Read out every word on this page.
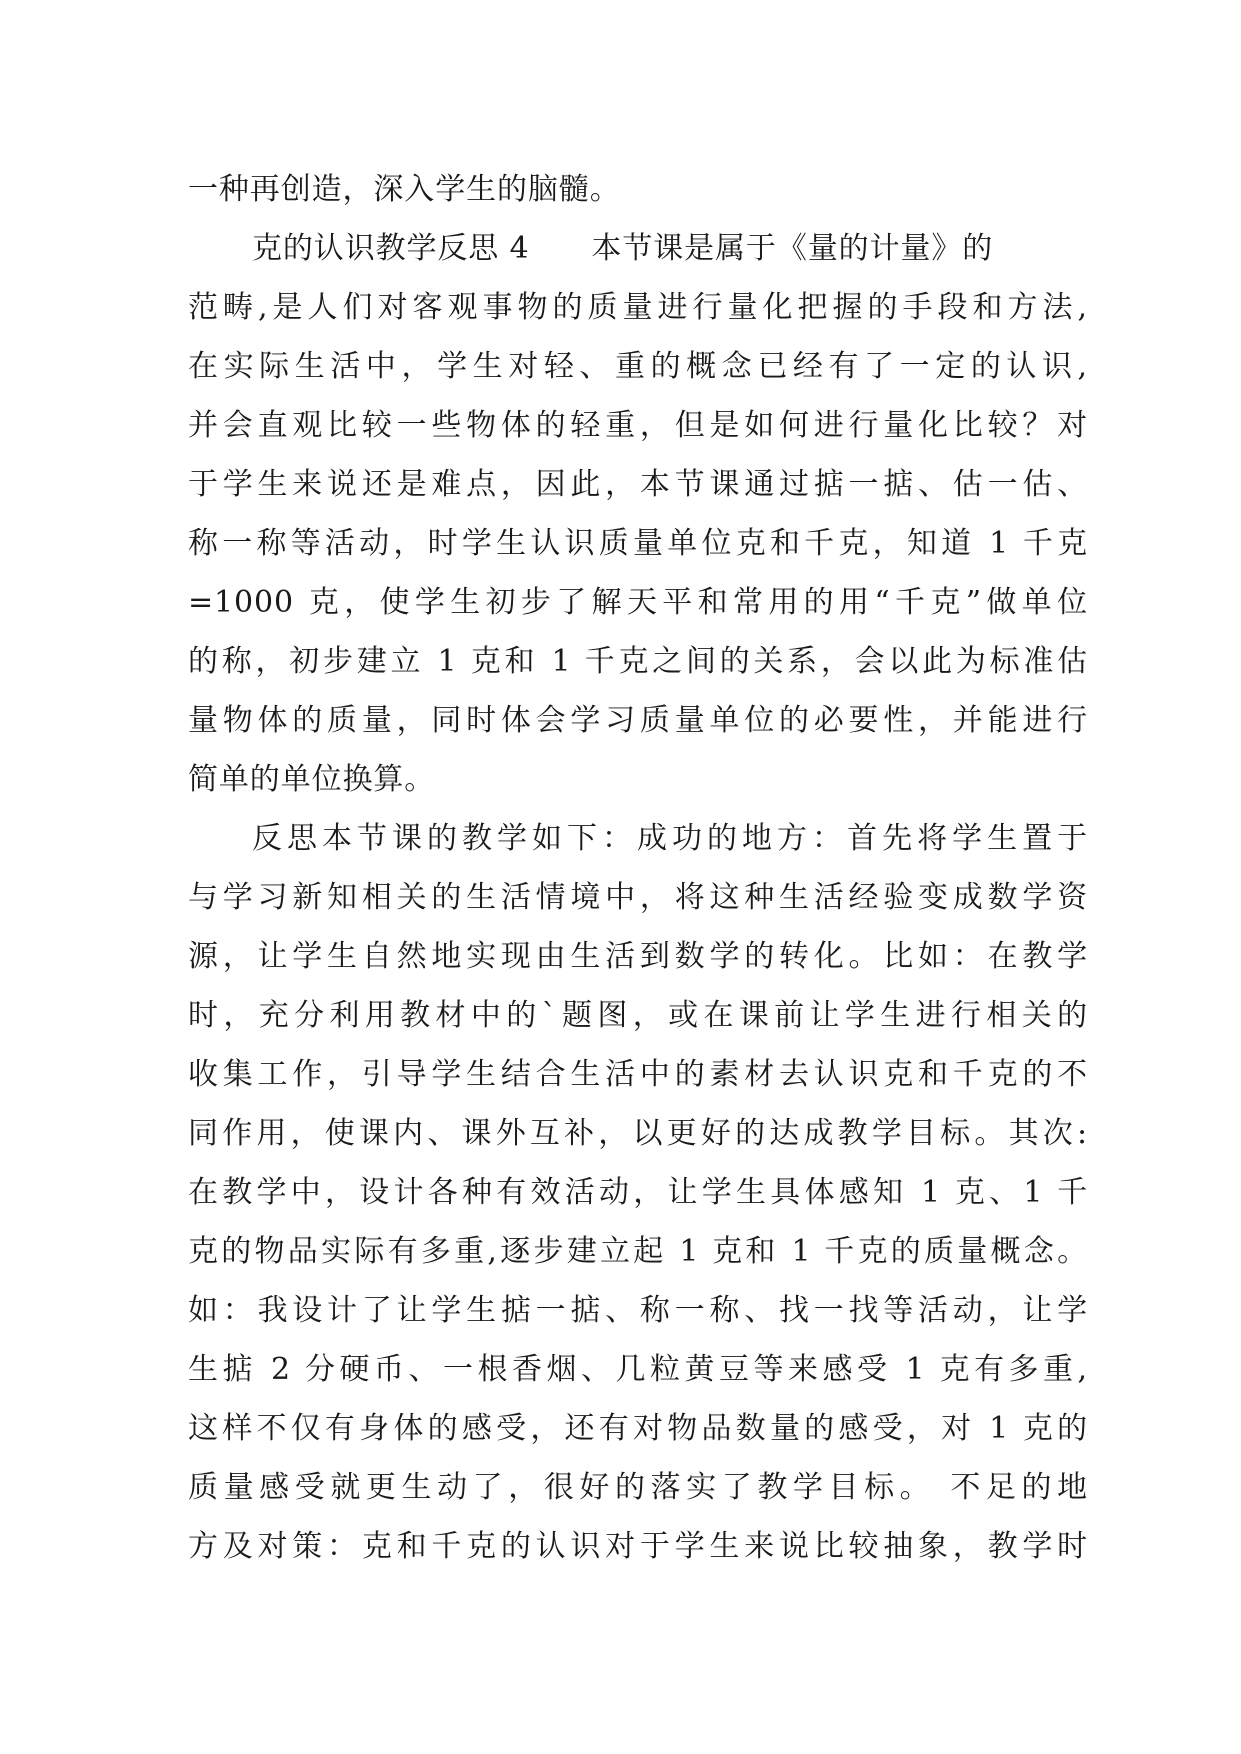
一种再创造，深入学生的脑髓。
克的认识教学反思 4　　本节课是属于《量的计量》的
范畴,是人们对客观事物的质量进行量化把握的手段和方法,
在实际生活中，学生对轻、重的概念已经有了一定的认识,
并会直观比较一些物体的轻重，但是如何进行量化比较？对
于学生来说还是难点，因此，本节课通过掂一掂、估一估、
称一称等活动，时学生认识质量单位克和千克，知道 1 千克
=1000 克，使学生初步了解天平和常用的用“千克”做单位
的称，初步建立 1 克和 1 千克之间的关系，会以此为标准估
量物体的质量，同时体会学习质量单位的必要性，并能进行
简单的单位换算。
反思本节课的教学如下：成功的地方：首先将学生置于
与学习新知相关的生活情境中，将这种生活经验变成数学资
源，让学生自然地实现由生活到数学的转化。比如：在教学
时，充分利用教材中的`题图，或在课前让学生进行相关的
收集工作，引导学生结合生活中的素材去认识克和千克的不
同作用，使课内、课外互补，以更好的达成教学目标。其次:
在教学中，设计各种有效活动，让学生具体感知 1 克、1 千
克的物品实际有多重,逐步建立起 1 克和 1 千克的质量概念。
如：我设计了让学生掂一掂、称一称、找一找等活动，让学
生掂 2 分硬币、一根香烟、几粒黄豆等来感受 1 克有多重,
这样不仅有身体的感受，还有对物品数量的感受，对 1 克的
质量感受就更生动了，很好的落实了教学目标。 不足的地
方及对策：克和千克的认识对于学生来说比较抽象，教学时
